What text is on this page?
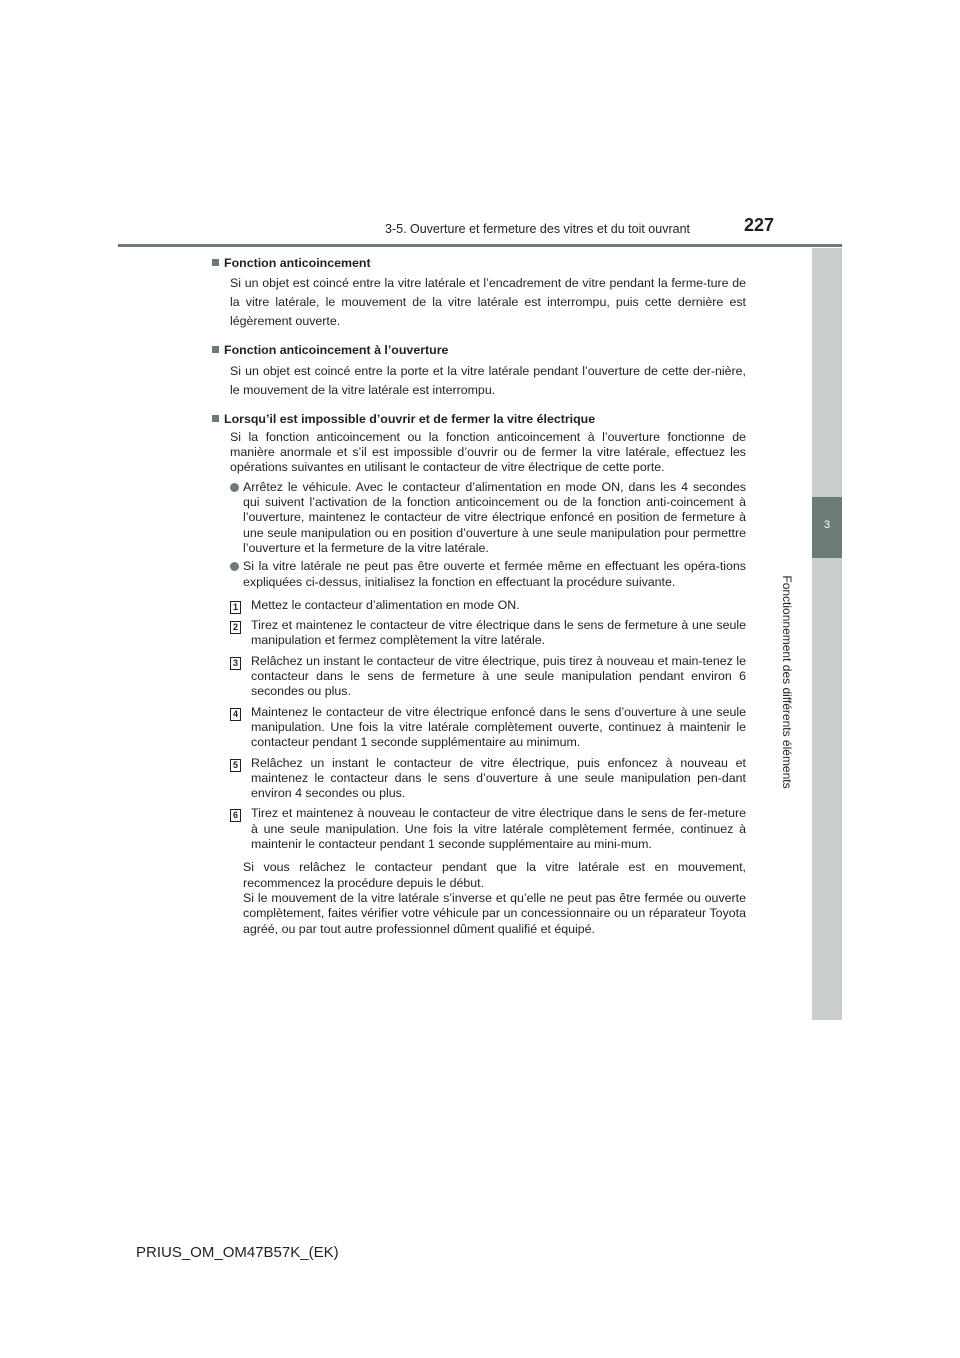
3-5. Ouverture et fermeture des vitres et du toit ouvrant	227
3
Fonctionnement des différents éléments
Fonction anticoincement
Si un objet est coincé entre la vitre latérale et l’encadrement de vitre pendant la ferme-ture de la vitre latérale, le mouvement de la vitre latérale est interrompu, puis cette dernière est légèrement ouverte.
Fonction anticoincement à l’ouverture
Si un objet est coincé entre la porte et la vitre latérale pendant l’ouverture de cette der-nière, le mouvement de la vitre latérale est interrompu.
Lorsqu’il est impossible d’ouvrir et de fermer la vitre électrique
Si la fonction anticoincement ou la fonction anticoincement à l’ouverture fonctionne de manière anormale et s’il est impossible d’ouvrir ou de fermer la vitre latérale, effectuez les opérations suivantes en utilisant le contacteur de vitre électrique de cette porte.
Arrêtez le véhicule. Avec le contacteur d’alimentation en mode ON, dans les 4 secondes qui suivent l’activation de la fonction anticoincement ou de la fonction anti-coincement à l’ouverture, maintenez le contacteur de vitre électrique enfoncé en position de fermeture à une seule manipulation ou en position d’ouverture à une seule manipulation pour permettre l’ouverture et la fermeture de la vitre latérale.
Si la vitre latérale ne peut pas être ouverte et fermée même en effectuant les opéra-tions expliquées ci-dessus, initialisez la fonction en effectuant la procédure suivante.
1 Mettez le contacteur d’alimentation en mode ON.
2 Tirez et maintenez le contacteur de vitre électrique dans le sens de fermeture à une seule manipulation et fermez complètement la vitre latérale.
3 Relâchez un instant le contacteur de vitre électrique, puis tirez à nouveau et main-tenez le contacteur dans le sens de fermeture à une seule manipulation pendant environ 6 secondes ou plus.
4 Maintenez le contacteur de vitre électrique enfoncé dans le sens d’ouverture à une seule manipulation. Une fois la vitre latérale complètement ouverte, continuez à maintenir le contacteur pendant 1 seconde supplémentaire au minimum.
5 Relâchez un instant le contacteur de vitre électrique, puis enfoncez à nouveau et maintenez le contacteur dans le sens d’ouverture à une seule manipulation pen-dant environ 4 secondes ou plus.
6 Tirez et maintenez à nouveau le contacteur de vitre électrique dans le sens de fer-meture à une seule manipulation. Une fois la vitre latérale complètement fermée, continuez à maintenir le contacteur pendant 1 seconde supplémentaire au mini-mum.
Si vous relâchez le contacteur pendant que la vitre latérale est en mouvement, recommencez la procédure depuis le début.
Si le mouvement de la vitre latérale s’inverse et qu’elle ne peut pas être fermée ou ouverte complètement, faites vérifier votre véhicule par un concessionnaire ou un réparateur Toyota agréé, ou par tout autre professionnel dûment qualifié et équipé.
PRIUS_OM_OM47B57K_(EK)
